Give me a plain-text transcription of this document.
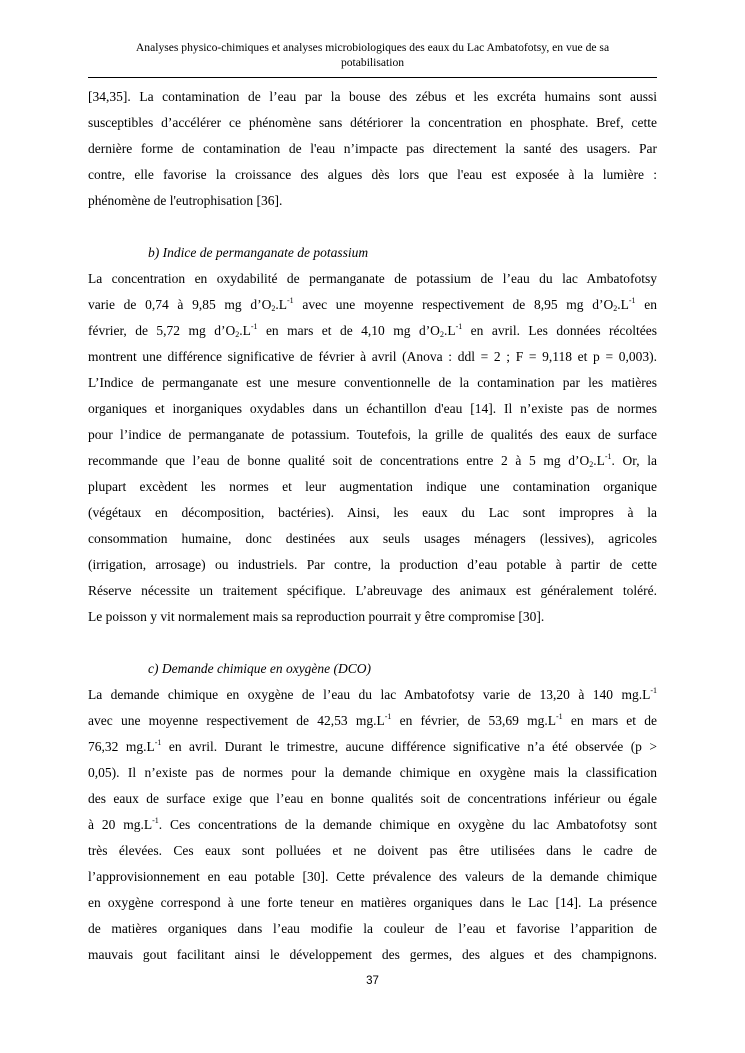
Analyses physico-chimiques et analyses microbiologiques des eaux du Lac Ambatofotsy, en vue de sa
potabilisation

[34,35]. La contamination de l’eau par la bouse des zébus et les excréta humains sont aussi
susceptibles d’accélérer ce phénomène sans détériorer la concentration en phosphate. Bref, cette
dernière forme de contamination de l'eau n’impacte pas directement la santé des usagers. Par
contre, elle favorise la croissance des algues dès lors que l'eau est exposée à la lumière :
phénomène de l'eutrophisation [36].

b) Indice de permanganate de potassium

La concentration en oxydabilité de permanganate de potassium de l’eau du lac Ambatofotsy
varie de 0,74 à 9,85 mg $d’O_2.L^{-1}$ avec une moyenne respectivement de 8,95 mg $d’O_2.L^{-1}$ en
février, de 5,72 mg $d’O_2.L^{-1}$ en mars et de 4,10 mg $d’O_2.L^{-1}$ en avril. Les données récoltées
montrent une différence significative de février à avril (Anova : ddl = 2 ; F = 9,118 et p = 0,003).
L’Indice de permanganate est une mesure conventionnelle de la contamination par les matières
organiques et inorganiques oxydables dans un échantillon d'eau [14]. Il n’existe pas de normes
pour l’indice de permanganate de potassium. Toutefois, la grille de qualités des eaux de surface
recommande que l’eau de bonne qualité soit de concentrations entre 2 à 5 mg $d’O_2.L^{-1}$. Or, la
plupart excèdent les normes et leur augmentation indique une contamination organique
(végétaux en décomposition, bactéries). Ainsi, les eaux du Lac sont impropres à la
consommation humaine, donc destinées aux seuls usages ménagers (lessives), agricoles
(irrigation, arrosage) ou industriels. Par contre, la production d’eau potable à partir de cette
Réserve nécessite un traitement spécifique. L’abreuvage des animaux est généralement toléré.
Le poisson y vit normalement mais sa reproduction pourrait y être compromise [30].

c) Demande chimique en oxygène (DCO)

La demande chimique en oxygène de l’eau du lac Ambatofotsy varie de 13,20 à 140 $mg.L^{-1}$
avec une moyenne respectivement de 42,53 $mg.L^{-1}$ en février, de 53,69 $mg.L^{-1}$ en mars et de
76,32 $mg.L^{-1}$ en avril. Durant le trimestre, aucune différence significative n’a été observée (p >
0,05). Il n’existe pas de normes pour la demande chimique en oxygène mais la classification
des eaux de surface exige que l’eau en bonne qualités soit de concentrations inférieur ou égale
à 20 $mg.L^{-1}$. Ces concentrations de la demande chimique en oxygène du lac Ambatofotsy sont
très élevées. Ces eaux sont polluées et ne doivent pas être utilisées dans le cadre de
l’approvisionnement en eau potable [30]. Cette prévalence des valeurs de la demande chimique
en oxygène correspond à une forte teneur en matières organiques dans le Lac [14]. La présence
de matières organiques dans l’eau modifie la couleur de l’eau et favorise l’apparition de
mauvais gout facilitant ainsi le développement des germes, des algues et des champignons.

37
